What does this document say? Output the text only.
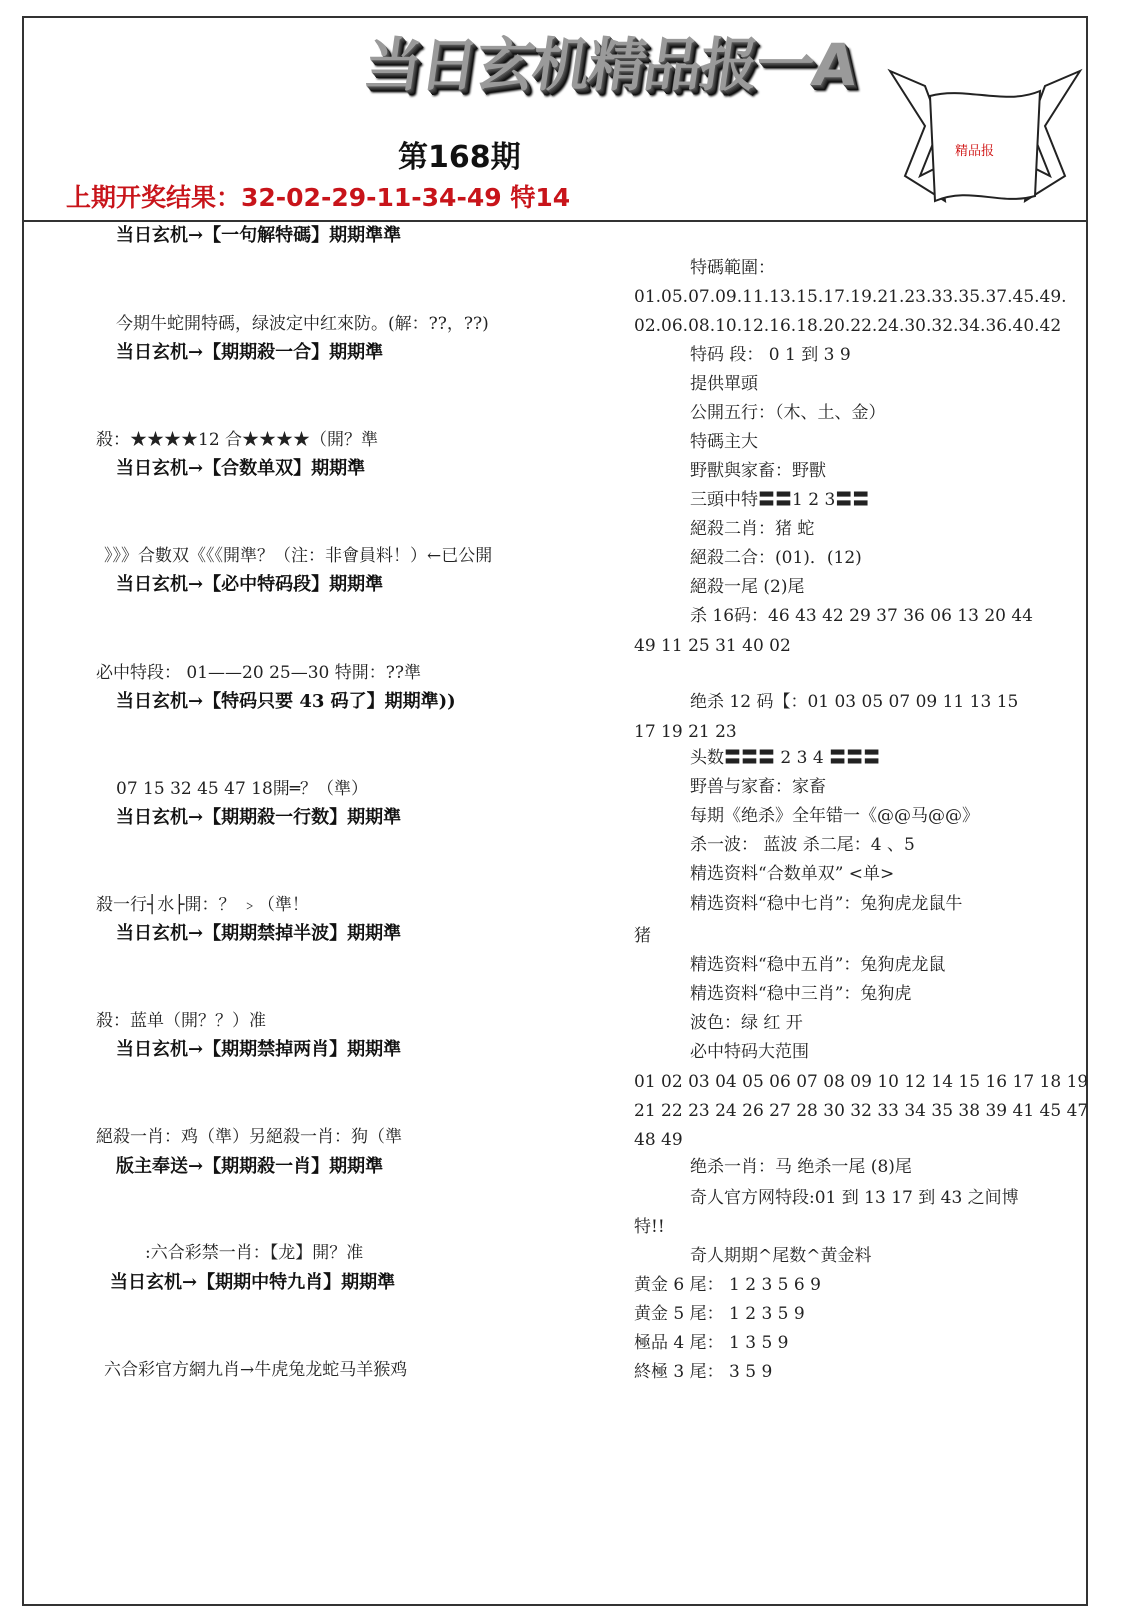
当日玄机精品报一A
精品报
第168期
上期开奖结果：32-02-29-11-34-49 特14
当日玄机→【一句解特碼】期期準準
今期牛蛇開特碼，绿波定中红來防。(解：??，??)
当日玄机→【期期殺一合】期期準
殺：★★★★12 合★★★★（開？準
当日玄机→【合数单双】期期準
》》》合數双《《《開準？（注：非會員料！）←已公開
当日玄机→【必中特码段】期期準
必中特段： 01——20 25—30 特開：??準
当日玄机→【特码只要 43 码了】期期準))
07 15 32 45 47 18開═？（準）
当日玄机→【期期殺一行数】期期準
殺一行┤水├開：？ ﹥（準！
当日玄机→【期期禁掉半波】期期準
殺：蓝单（開？？）准
当日玄机→【期期禁掉两肖】期期準
絕殺一肖：鸡（準）另絕殺一肖：狗（準
版主奉送→【期期殺一肖】期期準
:六合彩禁一肖：【龙】開？准
当日玄机→【期期中特九肖】期期準
六合彩官方網九肖→牛虎兔龙蛇马羊猴鸡
特碼範圍：
01.05.07.09.11.13.15.17.19.21.23.33.35.37.45.49.
02.06.08.10.12.16.18.20.22.24.30.32.34.36.40.42
特码 段： 0 1 到 3 9
提供單頭
公開五行：（木、土、金）
特碼主大
野獸與家畜：野獸
三頭中特〓〓1 2 3〓〓
絕殺二肖：猪 蛇
絕殺二合：(01)．(12)
絕殺一尾 (2)尾
杀 16码：46 43 42 29 37 36 06 13 20 44
49 11 25 31 40 02
绝杀 12 码【：01 03 05 07 09 11 13 15
17 19 21 23
头数〓〓〓 2 3 4 〓〓〓
野兽与家畜：家畜
每期《绝杀》全年错一《@@马@@》
杀一波： 蓝波 杀二尾：4 、5
精选资料“合数单双” <单>
精选资料“稳中七肖”：兔狗虎龙鼠牛
猪
精选资料“稳中五肖”：兔狗虎龙鼠
精选资料“稳中三肖”：兔狗虎
波色：绿 红 开
必中特码大范围
01 02 03 04 05 06 07 08 09 10 12 14 15 16 17 18 19
21 22 23 24 26 27 28 30 32 33 34 35 38 39 41 45 47
48 49
绝杀一肖：马 绝杀一尾 (8)尾
奇人官方网特段:01 到 13 17 到 43 之间博
特!!
奇人期期^尾数^黄金料
黄金 6 尾： 1 2 3 5 6 9
黄金 5 尾： 1 2 3 5 9
極品 4 尾： 1 3 5 9
終極 3 尾： 3 5 9
